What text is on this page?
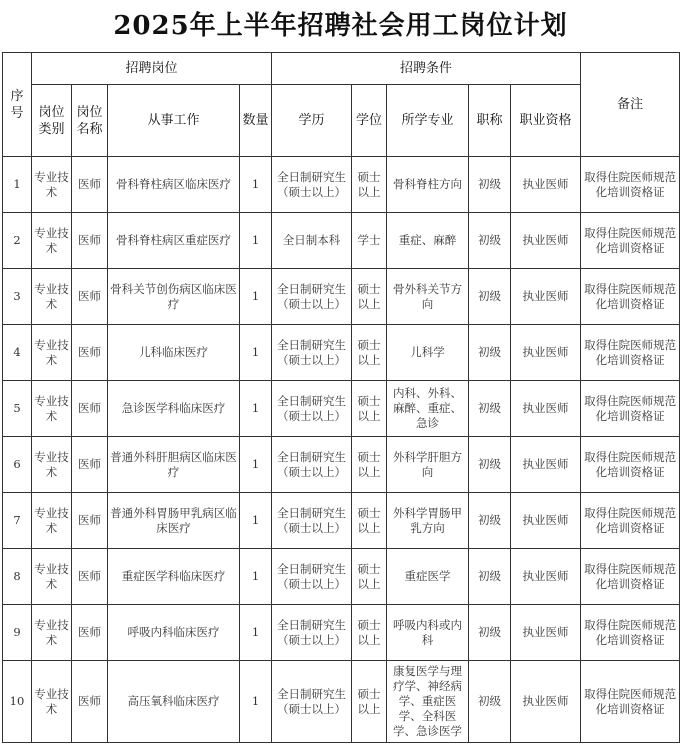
2025年上半年招聘社会用工岗位计划
序号	招聘岗位				招聘条件					备注
	岗位类别	岗位名称	从事工作	数量	学历	学位	所学专业	职称	职业资格	
1	专业技术	医师	骨科脊柱病区临床医疗	1	全日制研究生（硕士以上）	硕士以上	骨科脊柱方向	初级	执业医师	取得住院医师规范化培训资格证
2	专业技术	医师	骨科脊柱病区重症医疗	1	全日制本科	学士	重症、麻醉	初级	执业医师	取得住院医师规范化培训资格证
3	专业技术	医师	骨科关节创伤病区临床医疗	1	全日制研究生（硕士以上）	硕士以上	骨外科关节方向	初级	执业医师	取得住院医师规范化培训资格证
4	专业技术	医师	儿科临床医疗	1	全日制研究生（硕士以上）	硕士以上	儿科学	初级	执业医师	取得住院医师规范化培训资格证
5	专业技术	医师	急诊医学科临床医疗	1	全日制研究生（硕士以上）	硕士以上	内科、外科、麻醉、重症、急诊	初级	执业医师	取得住院医师规范化培训资格证
6	专业技术	医师	普通外科肝胆病区临床医疗	1	全日制研究生（硕士以上）	硕士以上	外科学肝胆方向	初级	执业医师	取得住院医师规范化培训资格证
7	专业技术	医师	普通外科胃肠甲乳病区临床医疗	1	全日制研究生（硕士以上）	硕士以上	外科学胃肠甲乳方向	初级	执业医师	取得住院医师规范化培训资格证
8	专业技术	医师	重症医学科临床医疗	1	全日制研究生（硕士以上）	硕士以上	重症医学	初级	执业医师	取得住院医师规范化培训资格证
9	专业技术	医师	呼吸内科临床医疗	1	全日制研究生（硕士以上）	硕士以上	呼吸内科或内科	初级	执业医师	取得住院医师规范化培训资格证
10	专业技术	医师	高压氧科临床医疗	1	全日制研究生（硕士以上）	硕士以上	康复医学与理疗学、神经病学、重症医学、全科医学、急诊医学	初级	执业医师	取得住院医师规范化培训资格证
